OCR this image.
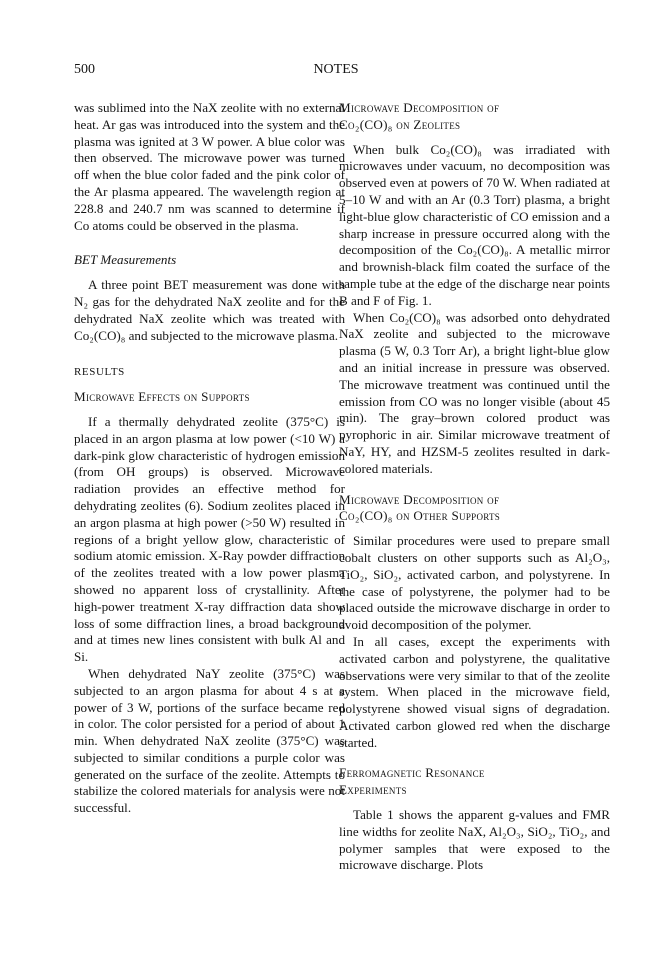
500	NOTES

was sublimed into the NaX zeolite with no external heat. Ar gas was introduced into the system and the plasma was ignited at 3 W power. A blue color was then observed. The microwave power was turned off when the blue color faded and the pink color of the Ar plasma appeared. The wavelength region at 228.8 and 240.7 nm was scanned to determine if Co atoms could be observed in the plasma.

BET Measurements

A three point BET measurement was done with N₂ gas for the dehydrated NaX zeolite and for the dehydrated NaX zeolite which was treated with Co₂(CO)₈ and subjected to the microwave plasma.

RESULTS

Microwave Effects on Supports

If a thermally dehydrated zeolite (375°C) is placed in an argon plasma at low power (<10 W) a dark-pink glow characteristic of hydrogen emission (from OH groups) is observed. Microwave radiation provides an effective method for dehydrating zeolites (6). Sodium zeolites placed in an argon plasma at high power (>50 W) resulted in regions of a bright yellow glow, characteristic of sodium atomic emission. X-Ray powder diffraction of the zeolites treated with a low power plasma showed no apparent loss of crystallinity. After high-power treatment X-ray diffraction data show loss of some diffraction lines, a broad background and at times new lines consistent with bulk Al and Si.

When dehydrated NaY zeolite (375°C) was subjected to an argon plasma for about 4 s at a power of 3 W, portions of the surface became red in color. The color persisted for a period of about 1 min. When dehydrated NaX zeolite (375°C) was subjected to similar conditions a purple color was generated on the surface of the zeolite. Attempts to stabilize the colored materials for analysis were not successful.

Microwave Decomposition of

Co₂(CO)₈ on Zeolites

When bulk Co₂(CO)₈ was irradiated with microwaves under vacuum, no decomposition was observed even at powers of 70 W. When radiated at 5–10 W and with an Ar (0.3 Torr) plasma, a bright light-blue glow characteristic of CO emission and a sharp increase in pressure occurred along with the decomposition of the Co₂(CO)₈. A metallic mirror and brownish-black film coated the surface of the sample tube at the edge of the discharge near points B and F of Fig. 1.

When Co₂(CO)₈ was adsorbed onto dehydrated NaX zeolite and subjected to the microwave plasma (5 W, 0.3 Torr Ar), a bright light-blue glow and an initial increase in pressure was observed. The microwave treatment was continued until the emission from CO was no longer visible (about 45 min). The gray–brown colored product was pyrophoric in air. Similar microwave treatment of NaY, HY, and HZSM-5 zeolites resulted in dark-colored materials.

Microwave Decomposition of

Co₂(CO)₈ on Other Supports

Similar procedures were used to prepare small cobalt clusters on other supports such as Al₂O₃, TiO₂, SiO₂, activated carbon, and polystyrene. In the case of polystyrene, the polymer had to be placed outside the microwave discharge in order to avoid decomposition of the polymer.

In all cases, except the experiments with activated carbon and polystyrene, the qualitative observations were very similar to that of the zeolite system. When placed in the microwave field, polystyrene showed visual signs of degradation. Activated carbon glowed red when the discharge started.

Ferromagnetic Resonance

Experiments

Table 1 shows the apparent g-values and FMR line widths for zeolite NaX, Al₂O₃, SiO₂, TiO₂, and polymer samples that were exposed to the microwave discharge. Plots
